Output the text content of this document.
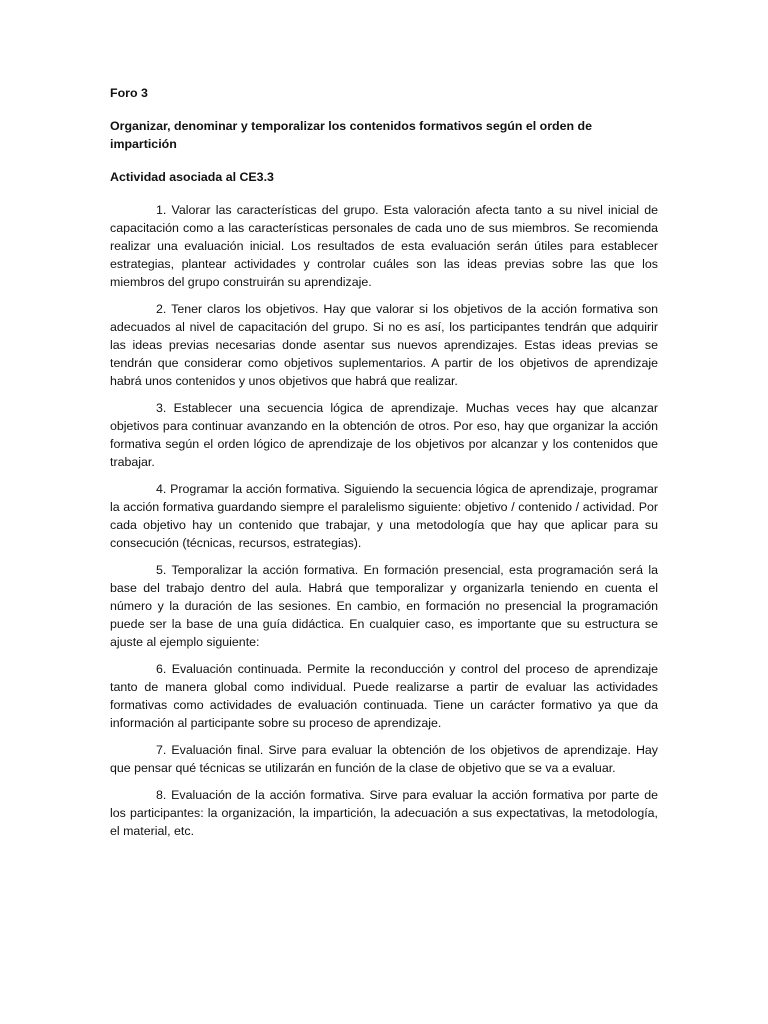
Foro 3

Organizar, denominar y temporalizar los contenidos formativos según el orden de impartición

Actividad asociada al CE3.3

1. Valorar las características del grupo. Esta valoración afecta tanto a su nivel inicial de capacitación como a las características personales de cada uno de sus miembros. Se recomienda realizar una evaluación inicial. Los resultados de esta evaluación serán útiles para establecer estrategias, plantear actividades y controlar cuáles son las ideas previas sobre las que los miembros del grupo construirán su aprendizaje.

2. Tener claros los objetivos. Hay que valorar si los objetivos de la acción formativa son adecuados al nivel de capacitación del grupo. Si no es así, los participantes tendrán que adquirir las ideas previas necesarias donde asentar sus nuevos aprendizajes. Estas ideas previas se tendrán que considerar como objetivos suplementarios. A partir de los objetivos de aprendizaje habrá unos contenidos y unos objetivos que habrá que realizar.

3. Establecer una secuencia lógica de aprendizaje. Muchas veces hay que alcanzar objetivos para continuar avanzando en la obtención de otros. Por eso, hay que organizar la acción formativa según el orden lógico de aprendizaje de los objetivos por alcanzar y los contenidos que trabajar.

4. Programar la acción formativa. Siguiendo la secuencia lógica de aprendizaje, programar la acción formativa guardando siempre el paralelismo siguiente: objetivo / contenido / actividad. Por cada objetivo hay un contenido que trabajar, y una metodología que hay que aplicar para su consecución (técnicas, recursos, estrategias).

5. Temporalizar la acción formativa. En formación presencial, esta programación será la base del trabajo dentro del aula. Habrá que temporalizar y organizarla teniendo en cuenta el número y la duración de las sesiones. En cambio, en formación no presencial la programación puede ser la base de una guía didáctica. En cualquier caso, es importante que su estructura se ajuste al ejemplo siguiente:

6. Evaluación continuada. Permite la reconducción y control del proceso de aprendizaje tanto de manera global como individual. Puede realizarse a partir de evaluar las actividades formativas como actividades de evaluación continuada. Tiene un carácter formativo ya que da información al participante sobre su proceso de aprendizaje.

7. Evaluación final. Sirve para evaluar la obtención de los objetivos de aprendizaje. Hay que pensar qué técnicas se utilizarán en función de la clase de objetivo que se va a evaluar.

8. Evaluación de la acción formativa. Sirve para evaluar la acción formativa por parte de los participantes: la organización, la impartición, la adecuación a sus expectativas, la metodología, el material, etc.
